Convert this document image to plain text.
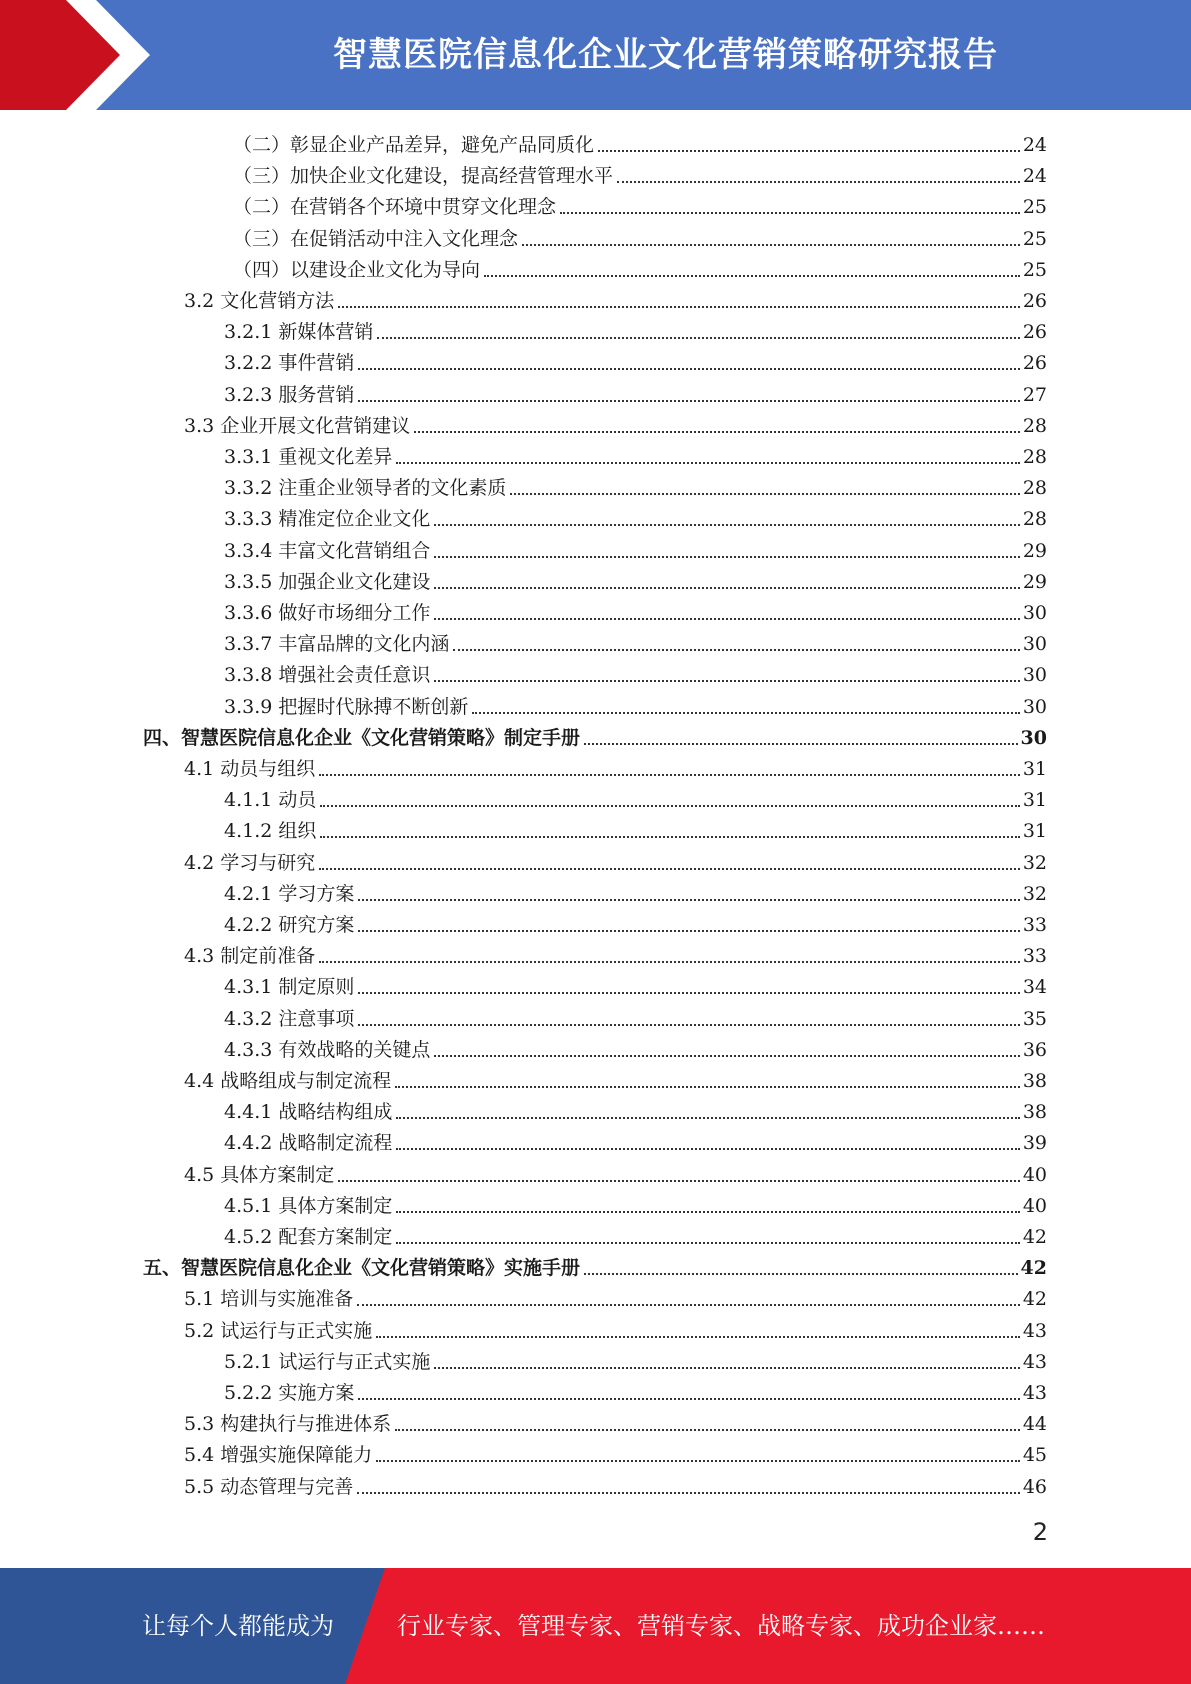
智慧医院信息化企业文化营销策略研究报告
（二）彰显企业产品差异，避免产品同质化	24
（三）加快企业文化建设，提高经营管理水平	24
（二）在营销各个环境中贯穿文化理念	25
（三）在促销活动中注入文化理念	25
（四）以建设企业文化为导向	25
3.2 文化营销方法	26
3.2.1 新媒体营销	26
3.2.2 事件营销	26
3.2.3 服务营销	27
3.3 企业开展文化营销建议	28
3.3.1 重视文化差异	28
3.3.2 注重企业领导者的文化素质	28
3.3.3 精准定位企业文化	28
3.3.4 丰富文化营销组合	29
3.3.5 加强企业文化建设	29
3.3.6 做好市场细分工作	30
3.3.7 丰富品牌的文化内涵	30
3.3.8 增强社会责任意识	30
3.3.9 把握时代脉搏不断创新	30
四、智慧医院信息化企业《文化营销策略》制定手册	30
4.1 动员与组织	31
4.1.1 动员	31
4.1.2 组织	31
4.2 学习与研究	32
4.2.1 学习方案	32
4.2.2 研究方案	33
4.3 制定前准备	33
4.3.1 制定原则	34
4.3.2 注意事项	35
4.3.3 有效战略的关键点	36
4.4 战略组成与制定流程	38
4.4.1 战略结构组成	38
4.4.2 战略制定流程	39
4.5 具体方案制定	40
4.5.1 具体方案制定	40
4.5.2 配套方案制定	42
五、智慧医院信息化企业《文化营销策略》实施手册	42
5.1 培训与实施准备	42
5.2 试运行与正式实施	43
5.2.1 试运行与正式实施	43
5.2.2 实施方案	43
5.3 构建执行与推进体系	44
5.4 增强实施保障能力	45
5.5 动态管理与完善	46
2
让每个人都能成为	行业专家、管理专家、营销专家、战略专家、成功企业家……
